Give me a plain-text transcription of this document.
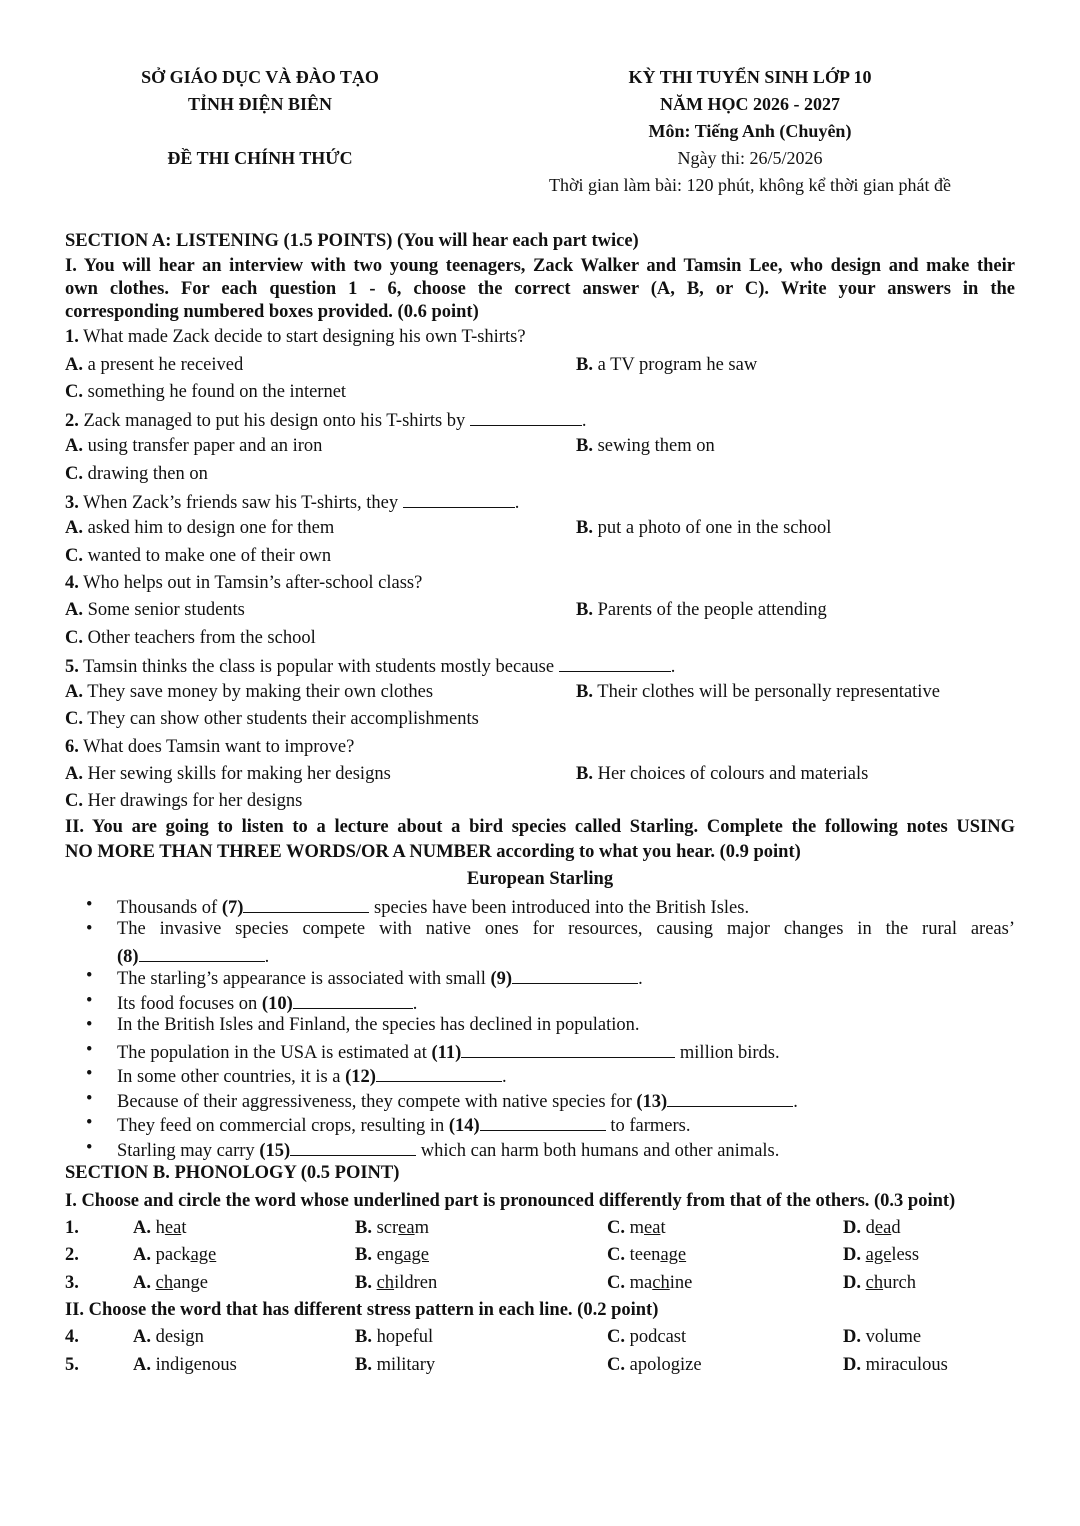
SỞ GIÁO DỤC VÀ ĐÀO TẠO
TỈNH ĐIỆN BIÊN
ĐỀ THI CHÍNH THỨC
KỲ THI TUYỂN SINH LỚP 10
NĂM HỌC 2026 - 2027
Môn: Tiếng Anh (Chuyên)
Ngày thi: 26/5/2026
Thời gian làm bài: 120 phút, không kể thời gian phát đề
SECTION A: LISTENING (1.5 POINTS) (You will hear each part twice)
I. You will hear an interview with two young teenagers, Zack Walker and Tamsin Lee, who design and make their
own clothes. For each question 1 - 6, choose the correct answer (A, B, or C). Write your answers in the
corresponding numbered boxes provided. (0.6 point)
1. What made Zack decide to start designing his own T-shirts?
A. a present he received	B. a TV program he saw
C. something he found on the internet
2. Zack managed to put his design onto his T-shirts by	.
A. using transfer paper and an iron	B. sewing them on
C. drawing then on
3. When Zack’s friends saw his T-shirts, they	.
A. asked him to design one for them	B. put a photo of one in the school
C. wanted to make one of their own
4. Who helps out in Tamsin’s after-school class?
A. Some senior students	B. Parents of the people attending
C. Other teachers from the school
5. Tamsin thinks the class is popular with students mostly because	.
A. They save money by making their own clothes	B. Their clothes will be personally representative
C. They can show other students their accomplishments
6. What does Tamsin want to improve?
A. Her sewing skills for making her designs	B. Her choices of colours and materials
C. Her drawings for her designs
II. You are going to listen to a lecture about a bird species called Starling. Complete the following notes USING
NO MORE THAN THREE WORDS/OR A NUMBER according to what you hear. (0.9 point)
European Starling
• Thousands of (7)	species have been introduced into the British Isles.
• The invasive species compete with native ones for resources, causing major changes in the rural areas’
(8)	.
• The starling’s appearance is associated with small (9)	.
• Its food focuses on (10)	.
• In the British Isles and Finland, the species has declined in population.
• The population in the USA is estimated at (11)	million birds.
• In some other countries, it is a (12)	.
• Because of their aggressiveness, they compete with native species for (13)	.
• They feed on commercial crops, resulting in (14)	to farmers.
• Starling may carry (15)	which can harm both humans and other animals.
SECTION B. PHONOLOGY (0.5 POINT)
I. Choose and circle the word whose underlined part is pronounced differently from that of the others. (0.3 point)
1.	A. heat	B. scream	C. meat	D. dead
2.	A. package	B. engage	C. teenage	D. ageless
3.	A. change	B. children	C. machine	D. church
II. Choose the word that has different stress pattern in each line. (0.2 point)
4.	A. design	B. hopeful	C. podcast	D. volume
5.	A. indigenous	B. military	C. apologize	D. miraculous
